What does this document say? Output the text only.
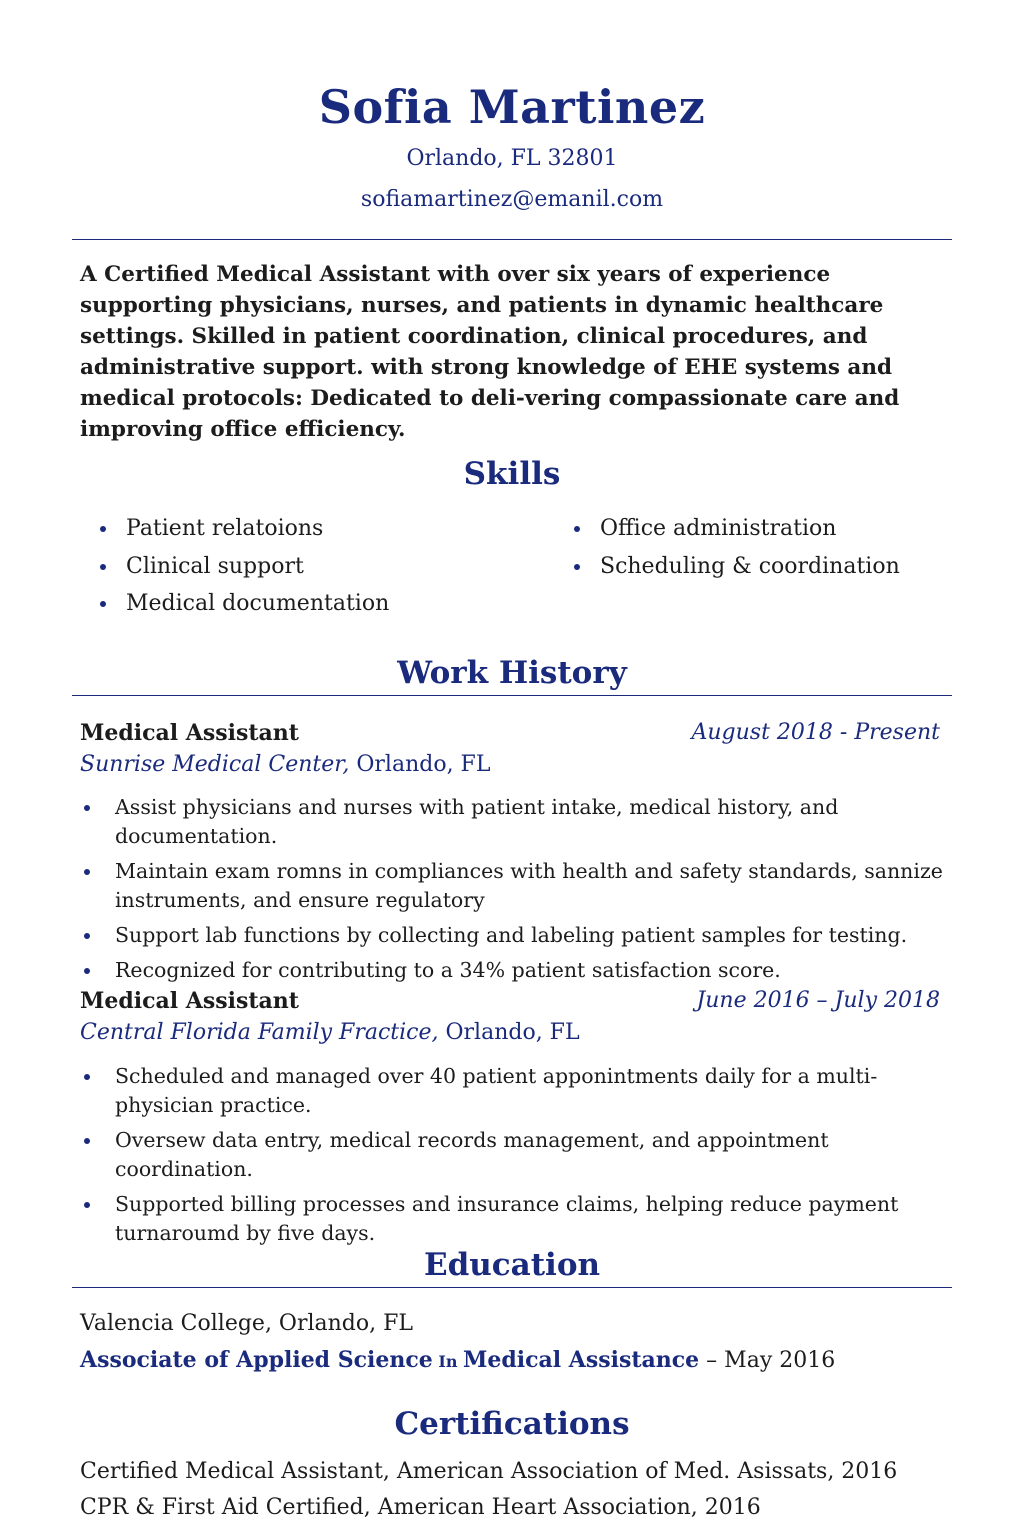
Sofia Martinez
Orlando, FL 32801
sofiamartinez@emanil.com
A Certified Medical Assistant with over six years of experience supporting physicians, nurses, and patients in dynamic healthcare settings. Skilled in patient coordination, clinical procedures, and administrative support. with strong knowledge of EHE systems and medical protocols: Dedicated to deli-vering compassionate care and improving office efficiency.
Skills
Patient relatoions
Clinical support
Medical documentation
Office administration
Scheduling & coordination
Work History
Medical Assistant	August 2018 - Present
Sunrise Medical Center, Orlando, FL
Assist physicians and nurses with patient intake, medical history, and documentation.
Maintain exam romns in compliances with health and safety standards, sannize instruments, and ensure regulatory
Support lab functions by collecting and labeling patient samples for testing.
Recognized for contributing to a 34% patient satisfaction score.
Medical Assistant	June 2016 – July 2018
Central Florida Family Fractice, Orlando, FL
Scheduled and managed over 40 patient apponintments daily for a multi-physician practice.
Oversew data entry, medical records management, and appointment coordination.
Supported billing processes and insurance claims, helping reduce payment turnaroumd by five days.
Education
Valencia College, Orlando, FL
Associate of Applied Science In Medical Assistance – May 2016
Certifications
Certified Medical Assistant, American Association of Med. Asissats, 2016
CPR & First Aid Certified, American Heart Association, 2016
